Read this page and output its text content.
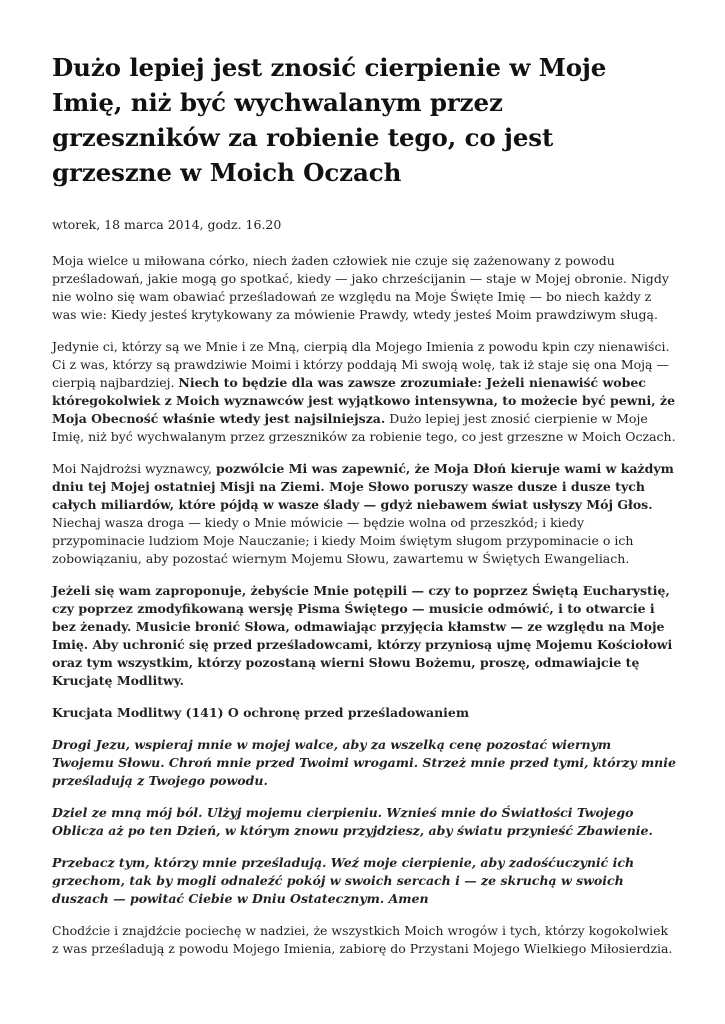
Dużo lepiej jest znosić cierpienie w Moje Imię, niż być wychwalanym przez grzeszników za robienie tego, co jest grzeszne w Moich Oczach

wtorek, 18 marca 2014, godz. 16.20

Moja wielce u miłowana córko, niech żaden człowiek nie czuje się zażenowany z powodu prześladowań, jakie mogą go spotkać, kiedy — jako chrześcijanin — staje w Mojej obronie. Nigdy nie wolno się wam obawiać prześladowań ze względu na Moje Święte Imię — bo niech każdy z was wie: Kiedy jesteś krytykowany za mówienie Prawdy, wtedy jesteś Moim prawdziwym sługą.

Jedynie ci, którzy są we Mnie i ze Mną, cierpią dla Mojego Imienia z powodu kpin czy nienawiści. Ci z was, którzy są prawdziwie Moimi i którzy poddają Mi swoją wolę, tak iż staje się ona Moją — cierpią najbardziej. Niech to będzie dla was zawsze zrozumiałe: Jeżeli nienawiść wobec któregokolwiek z Moich wyznawców jest wyjątkowo intensywna, to możecie być pewni, że Moja Obecność właśnie wtedy jest najsilniejsza. Dużo lepiej jest znosić cierpienie w Moje Imię, niż być wychwalanym przez grzeszników za robienie tego, co jest grzeszne w Moich Oczach.

Moi Najdrożsi wyznawcy, pozwólcie Mi was zapewnić, że Moja Dłoń kieruje wami w każdym dniu tej Mojej ostatniej Misji na Ziemi. Moje Słowo poruszy wasze dusze i dusze tych całych miliardów, które pójdą w wasze ślady — gdyż niebawem świat usłyszy Mój Głos. Niechaj wasza droga — kiedy o Mnie mówicie — będzie wolna od przeszkód; i kiedy przypominacie ludziom Moje Nauczanie; i kiedy Moim świętym sługom przypominacie o ich zobowiązaniu, aby pozostać wiernym Mojemu Słowu, zawartemu w Świętych Ewangeliach.

Jeżeli się wam zaproponuje, żebyście Mnie potępili — czy to poprzez Świętą Eucharystię, czy poprzez zmodyfikowaną wersję Pisma Świętego — musicie odmówić, i to otwarcie i bez żenady. Musicie bronić Słowa, odmawiając przyjęcia kłamstw — ze względu na Moje Imię. Aby uchronić się przed prześladowcami, którzy przyniosą ujmę Mojemu Kościołowi oraz tym wszystkim, którzy pozostaną wierni Słowu Bożemu, proszę, odmawiajcie tę Krucjatę Modlitwy.

Krucjata Modlitwy (141) O ochronę przed prześladowaniem

Drogi Jezu, wspieraj mnie w mojej walce, aby za wszelką cenę pozostać wiernym Twojemu Słowu. Chroń mnie przed Twoimi wrogami. Strzeż mnie przed tymi, którzy mnie prześladują z Twojego powodu.

Dziel ze mną mój ból. Ulżyj mojemu cierpieniu. Wznieś mnie do Światłości Twojego Oblicza aż po ten Dzień, w którym znowu przyjdziesz, aby światu przynieść Zbawienie.

Przebacz tym, którzy mnie prześladują. Weź moje cierpienie, aby zadośćuczynić ich grzechom, tak by mogli odnaleźć pokój w swoich sercach i — ze skruchą w swoich duszach — powitać Ciebie w Dniu Ostatecznym. Amen

Chodźcie i znajdźcie pociechę w nadziei, że wszystkich Moich wrogów i tych, którzy kogokolwiek z was prześladują z powodu Mojego Imienia, zabiorę do Przystani Mojego Wielkiego Miłosierdzia.
